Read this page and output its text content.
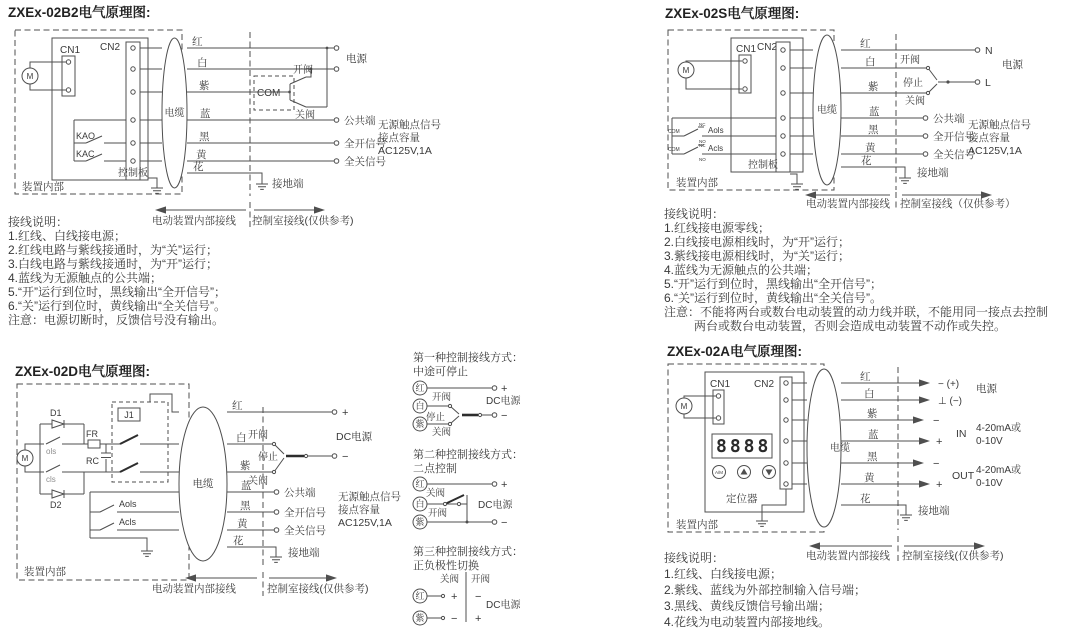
ZXEx-02B2电气原理图:
装置内部
CN1
M
CN2
KAO
KAC
控制板
电缆
COM
开阀
关阀
红
白
紫
蓝
黑
黄
花
电源
公共端
全开信号
全关信号
接地端
无源触点信号
接点容量
AC125V,1A
电动装置内部接线 控制室接线(仅供参考)
接线说明：
1.红线、白线接电源；
2.红线电路与紫线接通时，为“关”运行；
3.白线电路与紫线接通时，为“开”运行；
4.蓝线为无源触点的公共端；
5.“开”运行到位时，黑线输出“全开信号”；
6.“关”运行到位时，黄线输出“全关信号”。
注意：电源切断时，反馈信号没有输出。
ZXEx-02S电气原理图:
装置内部
CN1
M
CN2
COM
COM
NC
NO
NC
NO
Aols
Acls
控制板
电缆
红
白
紫
蓝
黑
黄
花
N
L
开阀
停止
关阀
电源
公共端
全开信号
全关信号
接地端
无源触点信号
接点容量
AC125V,1A
电动装置内部接线 控制室接线（仅供参考）
接线说明：
1.红线接电源零线；
2.白线接电源相线时，为“开”运行；
3.紫线接电源相线时，为“关”运行；
4.蓝线为无源触点的公共端；
5.“开”运行到位时，黑线输出“全开信号”；
6.“关”运行到位时，黄线输出“全关信号”。
注意：不能将两台或数台电动装置的动力线并联，不能用同一接点去控制
两台或数台电动装置，否则会造成电动装置不动作或失控。
ZXEx-02D电气原理图:
装置内部
M
D1
D2
ols
cls
FR
RC
J1
Aols
Acls
电缆
红
白
紫
蓝
黑
黄
花
+
DC电源
−
开阀
停止
关阀
公共端
全开信号
全关信号
接地端
无源触点信号
接点容量
AC125V,1A
电动装置内部接线	控制室接线(仅供参考)
第一种控制接线方式：
中途可停止
红
白
紫
开阀
停止
关阀
+
−
DC电源
第二种控制接线方式：
二点控制
红
白
紫
关阀
开阀
+
−
DC电源
第三种控制接线方式：
正负极性切换
关阀 开阀
红
紫
+ −
− +
DC电源
ZXEx-02A电气原理图:
装置内部
CN1
M
CN2
8888
A/M
定位器
电缆
红
白
紫
蓝
黑
黄
花
− (+)
⊥ (−)
电源
−
+
IN 4-20mA或
0-10V
−
+
OUT 4-20mA或
0-10V
接地端
电动装置内部接线 控制室接线(仅供参考)
接线说明：
1.红线、白线接电源；
2.紫线、蓝线为外部控制输入信号端；
3.黑线、黄线反馈信号输出端；
4.花线为电动装置内部接地线。
